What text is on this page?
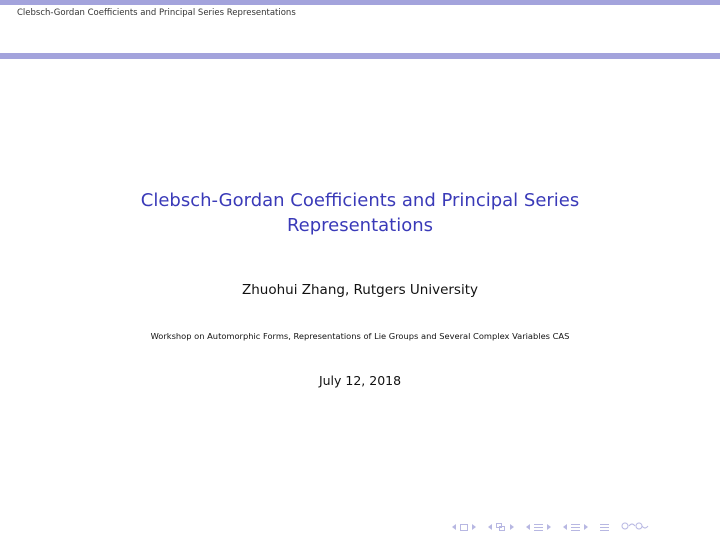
Clebsch-Gordan Coefficients and Principal Series Representations
Clebsch-Gordan Coefficients and Principal Series
Representations
Zhuohui Zhang, Rutgers University
Workshop on Automorphic Forms, Representations of Lie Groups and Several Complex Variables CAS
July 12, 2018
